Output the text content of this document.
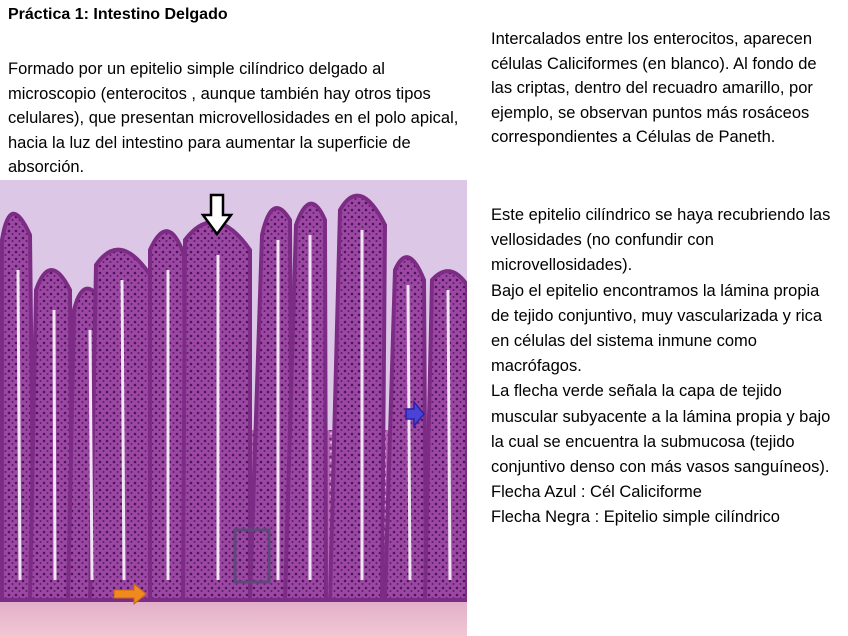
Práctica 1: Intestino Delgado

Formado por un epitelio simple cilíndrico delgado al microscopio (enterocitos , aunque también hay otros tipos celulares), que presentan microvellosidades en el polo apical, hacia la luz del intestino para aumentar la superficie de absorción.

Intercalados entre los enterocitos, aparecen células Caliciformes (en blanco). Al fondo de las criptas, dentro del recuadro amarillo, por ejemplo, se observan puntos más rosáceos correspondientes a Células de Paneth.

Este epitelio cilíndrico se haya recubriendo las vellosidades (no confundir con microvellosidades).
Bajo el epitelio encontramos la lámina propia de tejido conjuntivo, muy vascularizada y rica en células del sistema inmune como macrófagos.
La flecha verde señala la capa de tejido muscular subyacente a la lámina propia y bajo la cual se encuentra la submucosa (tejido conjuntivo denso con más vasos sanguíneos).
Flecha Azul : Cél Caliciforme
Flecha Negra : Epitelio simple cilíndrico
